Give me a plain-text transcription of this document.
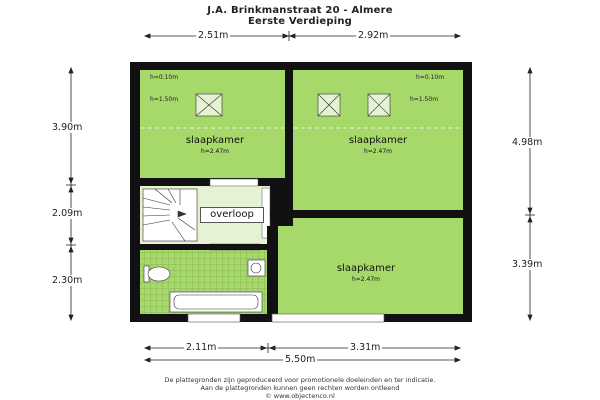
J.A. Brinkmanstraat 20 - Almere
Eerste Verdieping
2.51m	2.92m
3.90m
2.09m
2.30m
4.98m
3.39m
2.11m	3.31m
5.50m
h=0.10m
h=1.50m
h=0.10m
h=1.50m
slaapkamer
h=2.47m
slaapkamer
h=2.47m
slaapkamer
h=2.47m
overloop
De plattegronden zijn geproduceerd voor promotionele doeleinden en ter indicatie.
Aan de plattegronden kunnen geen rechten worden ontleend
© www.objectenco.nl
